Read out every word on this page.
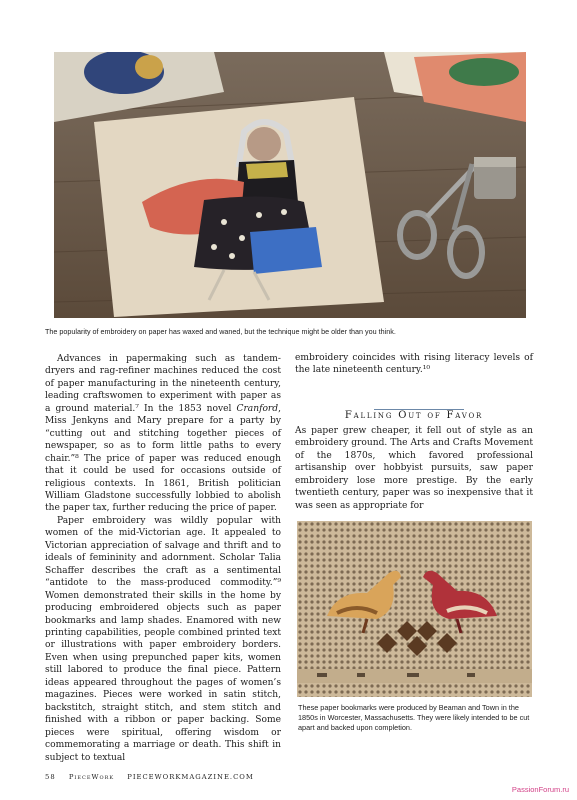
The popularity of embroidery on paper has waxed and waned, but the technique might be older than you think.

Advances in papermaking such as tandem-dryers and rag-refiner machines reduced the cost of paper manufacturing in the nineteenth century, leading craftswomen to experiment with paper as a ground material.⁷ In the 1853 novel Cranford, Miss Jenkyns and Mary prepare for a party by “cutting out and stitching together pieces of newspaper, so as to form little paths to every chair.”⁸ The price of paper was reduced enough that it could be used for occasions outside of religious contexts. In 1861, British politician William Gladstone successfully lobbied to abolish the paper tax, further reducing the price of paper.

Paper embroidery was wildly popular with women of the mid-Victorian age. It appealed to Victorian appreciation of salvage and thrift and to ideals of femininity and adornment. Scholar Talia Schaffer describes the craft as a sentimental “antidote to the mass-produced commodity.”⁹ Women demonstrated their skills in the home by producing embroidered objects such as paper bookmarks and lamp shades. Enamored with new printing capabilities, people combined printed text or illustrations with paper embroidery borders. Even when using prepunched paper kits, women still labored to produce the final piece. Pattern ideas appeared throughout the pages of women’s magazines. Pieces were worked in satin stitch, backstitch, straight stitch, and stem stitch and finished with a ribbon or paper backing. Some pieces were spiritual, offering wisdom or commemorating a marriage or death. This shift in subject to textual

embroidery coincides with rising literacy levels of the late nineteenth century.¹⁰

Falling Out of Favor

As paper grew cheaper, it fell out of style as an embroidery ground. The Arts and Crafts Movement of the 1870s, which favored professional artisanship over hobbyist pursuits, saw paper embroidery lose more prestige. By the early twentieth century, paper was so inexpensive that it was seen as appropriate for

These paper bookmarks were produced by Beaman and Town in the 1850s in Worcester, Massachusetts. They were likely intended to be cut apart and backed upon completion.
58 PieceWork PIECEWORKMAGAZINE.COM
PassionForum.ru
